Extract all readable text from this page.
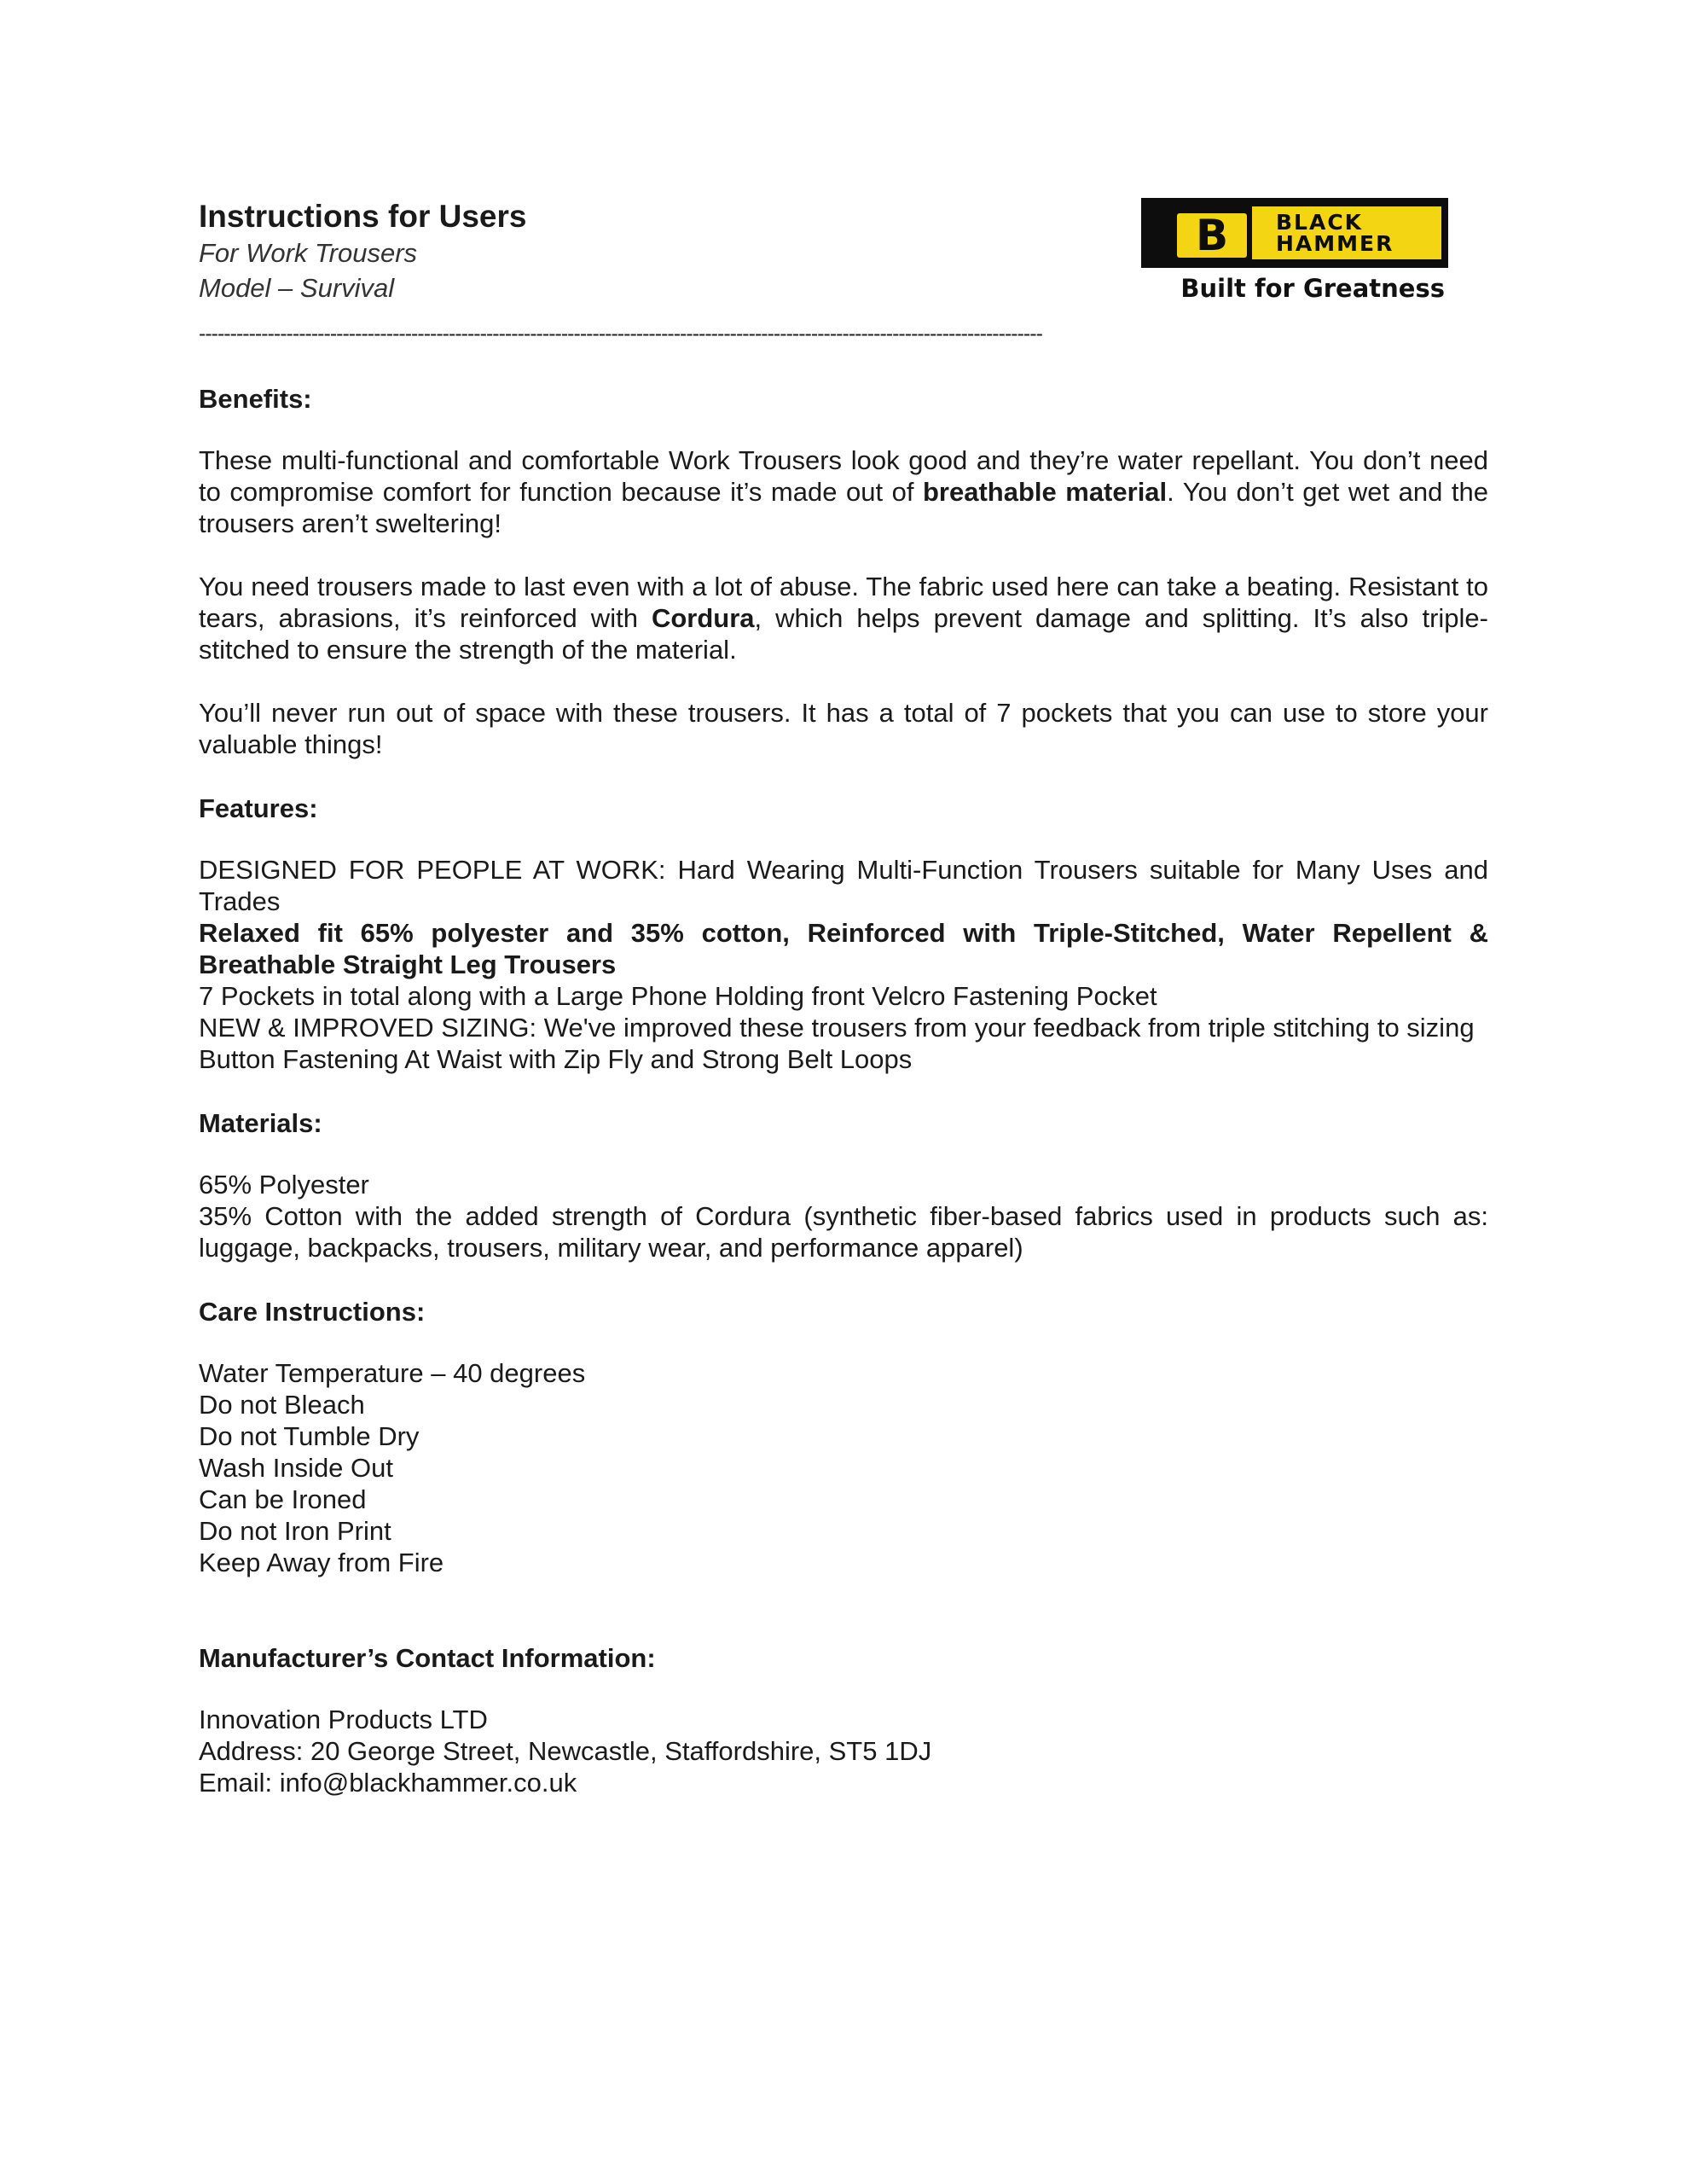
Instructions for Users
For Work Trousers
Model – Survival
B	BLACK
HAMMER
Built for Greatness
---------------------------------------------------------------------------------------------------------------------------------------
Benefits:

These multi-functional and comfortable Work Trousers look good and they’re water repellant. You don’t need to compromise comfort for function because it’s made out of breathable material. You don’t get wet and the trousers aren’t sweltering!

You need trousers made to last even with a lot of abuse. The fabric used here can take a beating. Resistant to tears, abrasions, it’s reinforced with Cordura, which helps prevent damage and splitting. It’s also triple-stitched to ensure the strength of the material.

You’ll never run out of space with these trousers. It has a total of 7 pockets that you can use to store your valuable things!

Features:

DESIGNED FOR PEOPLE AT WORK: Hard Wearing Multi-Function Trousers suitable for Many Uses and Trades

Relaxed fit 65% polyester and 35% cotton, Reinforced with Triple-Stitched, Water Repellent & Breathable Straight Leg Trousers

7 Pockets in total along with a Large Phone Holding front Velcro Fastening Pocket

NEW & IMPROVED SIZING: We've improved these trousers from your feedback from triple stitching to sizing

Button Fastening At Waist with Zip Fly and Strong Belt Loops

Materials:

65% Polyester

35% Cotton with the added strength of Cordura (synthetic fiber-based fabrics used in products such as: luggage, backpacks, trousers, military wear, and performance apparel)

Care Instructions:

Water Temperature – 40 degrees

Do not Bleach

Do not Tumble Dry

Wash Inside Out

Can be Ironed

Do not Iron Print

Keep Away from Fire

Manufacturer’s Contact Information:

Innovation Products LTD

Address: 20 George Street, Newcastle, Staffordshire, ST5 1DJ

Email: info@blackhammer.co.uk
